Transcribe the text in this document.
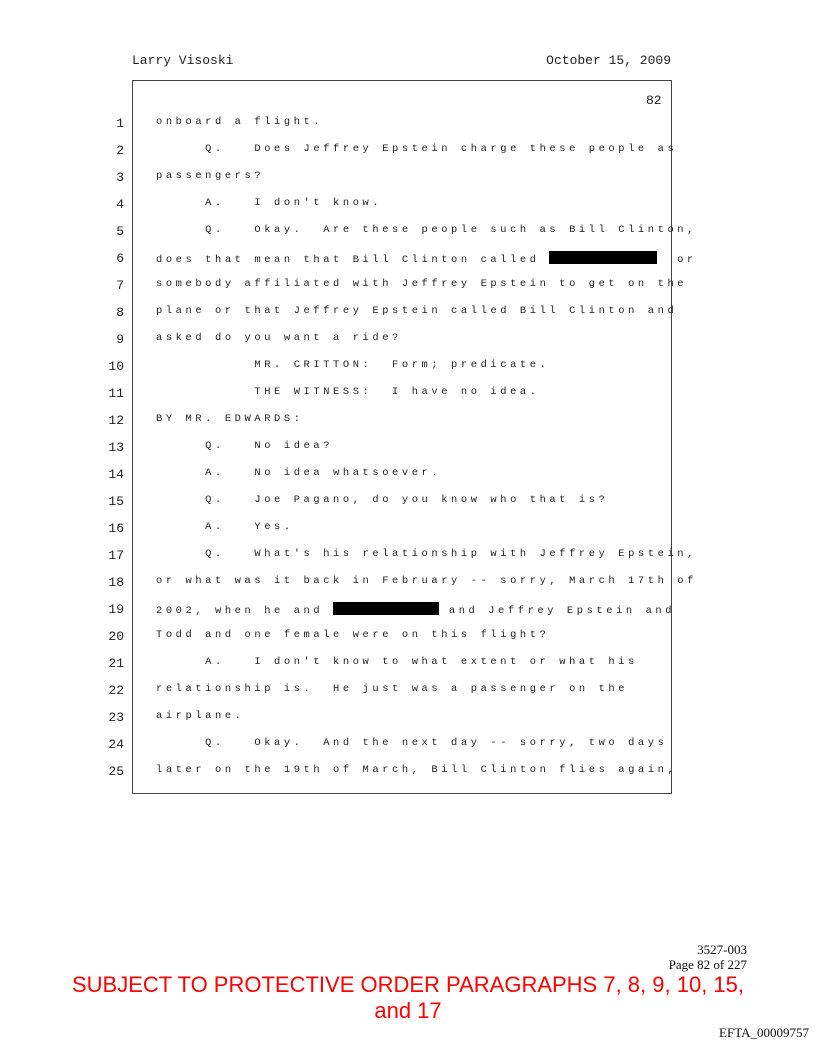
Larry Visoski	October 15, 2009
82
1	onboard a flight.
2	Q.   Does Jeffrey Epstein charge these people as
3	passengers?
4	A.   I don't know.
5	Q.   Okay.  Are these people such as Bill Clinton,
6	does that mean that Bill Clinton called	or
7	somebody affiliated with Jeffrey Epstein to get on the
8	plane or that Jeffrey Epstein called Bill Clinton and
9	asked do you want a ride?
10	MR. CRITTON:  Form; predicate.
11	THE WITNESS:  I have no idea.
12	BY MR. EDWARDS:
13	Q.   No idea?
14	A.   No idea whatsoever.
15	Q.   Joe Pagano, do you know who that is?
16	A.   Yes.
17	Q.   What's his relationship with Jeffrey Epstein,
18	or what was it back in February -- sorry, March 17th of
19	2002, when he and	and Jeffrey Epstein and
20	Todd and one female were on this flight?
21	A.   I don't know to what extent or what his
22	relationship is.  He just was a passenger on the
23	airplane.
24	Q.   Okay.  And the next day -- sorry, two days
25	later on the 19th of March, Bill Clinton flies again,
3527-003
Page 82 of 227
SUBJECT TO PROTECTIVE ORDER PARAGRAPHS 7, 8, 9, 10, 15, and 17
EFTA_00009757
